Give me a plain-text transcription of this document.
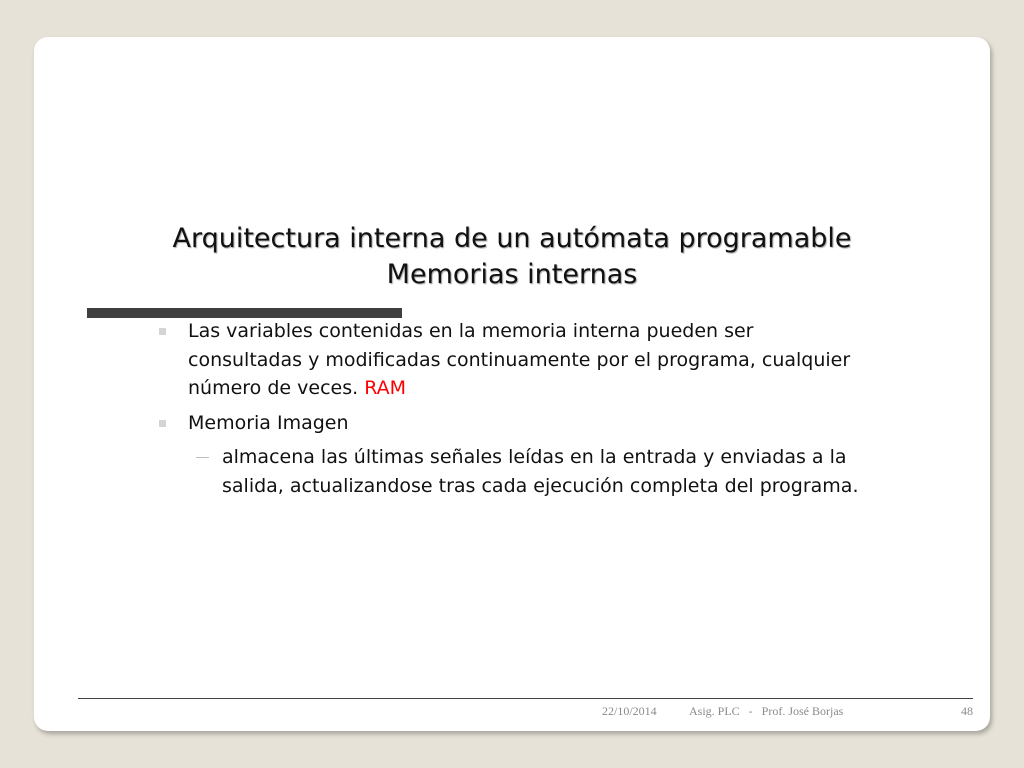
Arquitectura interna de un autómata programable
Memorias internas
Las variables contenidas en la memoria interna pueden ser consultadas y modificadas continuamente por el programa, cualquier número de veces. RAM
Memoria Imagen
almacena las últimas señales leídas en la entrada y enviadas a la salida, actualizandose tras cada ejecución completa del programa.
22/10/2014	Asig. PLC   -   Prof. José Borjas	48
